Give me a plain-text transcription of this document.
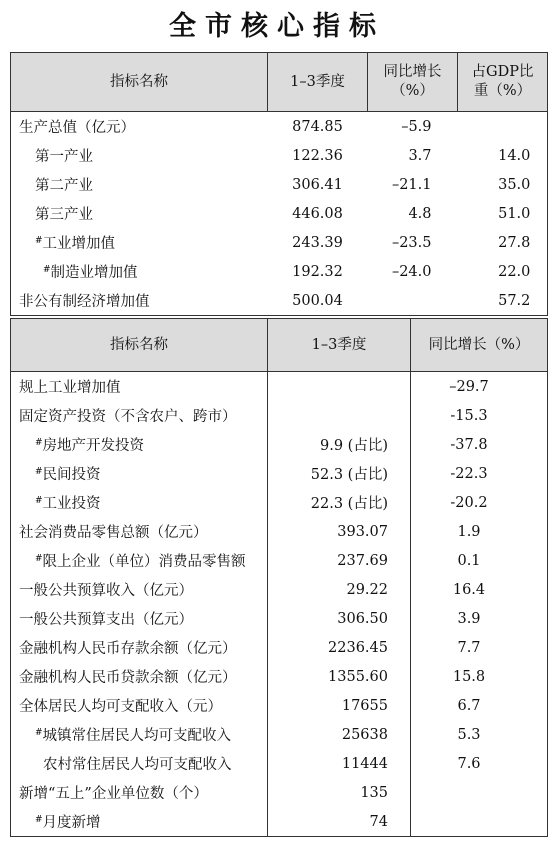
全市核心指标
指标名称	1–3季度	同比增长（%）	占GDP比重（%）
生产总值（亿元）	874.85	–5.9	
第一产业	122.36	3.7	14.0
第二产业	306.41	–21.1	35.0
第三产业	446.08	4.8	51.0
#工业增加值	243.39	–23.5	27.8
#制造业增加值	192.32	–24.0	22.0
非公有制经济增加值	500.04		57.2
指标名称	1–3季度	同比增长（%）
规上工业增加值		–29.7
固定资产投资（不含农户、跨市）		-15.3
#房地产开发投资	9.9 (占比)	-37.8
#民间投资	52.3 (占比)	-22.3
#工业投资	22.3 (占比)	-20.2
社会消费品零售总额（亿元）	393.07	1.9
#限上企业（单位）消费品零售额	237.69	0.1
一般公共预算收入（亿元）	29.22	16.4
一般公共预算支出（亿元）	306.50	3.9
金融机构人民币存款余额（亿元）	2236.45	7.7
金融机构人民币贷款余额（亿元）	1355.60	15.8
全体居民人均可支配收入（元）	17655	6.7
#城镇常住居民人均可支配收入	25638	5.3
农村常住居民人均可支配收入	11444	7.6
新增“五上”企业单位数（个）	135	
#月度新增	74	
